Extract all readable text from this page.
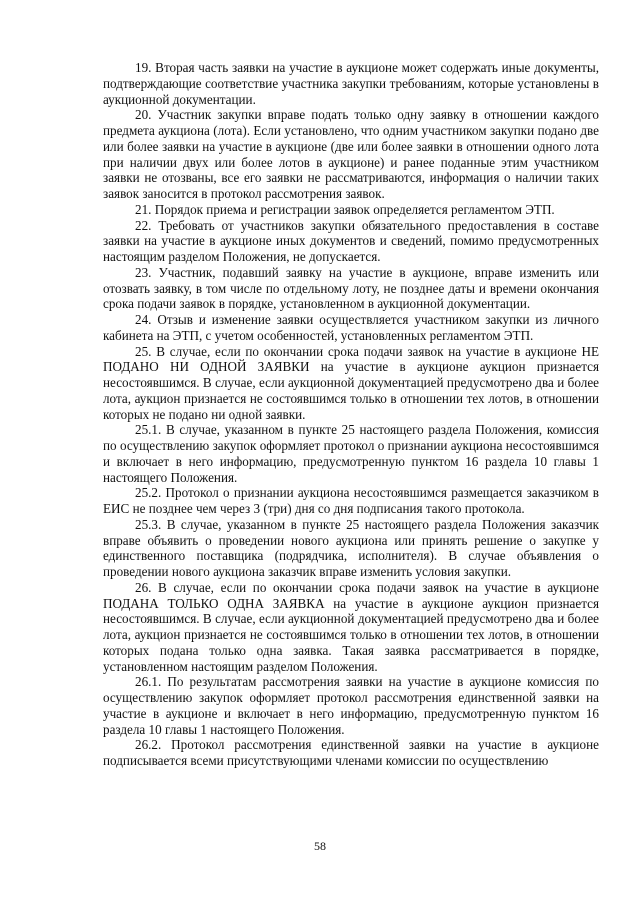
19. Вторая часть заявки на участие в аукционе может содержать иные документы, подтверждающие соответствие участника закупки требованиям, которые установлены в аукционной документации.

20. Участник закупки вправе подать только одну заявку в отношении каждого предмета аукциона (лота). Если установлено, что одним участником закупки подано две или более заявки на участие в аукционе (две или более заявки в отношении одного лота при наличии двух или более лотов в аукционе) и ранее поданные этим участником заявки не отозваны, все его заявки не рассматриваются, информация о наличии таких заявок заносится в протокол рассмотрения заявок.

21. Порядок приема и регистрации заявок определяется регламентом ЭТП.

22. Требовать от участников закупки обязательного предоставления в составе заявки на участие в аукционе иных документов и сведений, помимо предусмотренных настоящим разделом Положения, не допускается.

23. Участник, подавший заявку на участие в аукционе, вправе изменить или отозвать заявку, в том числе по отдельному лоту, не позднее даты и времени окончания срока подачи заявок в порядке, установленном в аукционной документации.

24. Отзыв и изменение заявки осуществляется участником закупки из личного кабинета на ЭТП, с учетом особенностей, установленных регламентом ЭТП.

25. В случае, если по окончании срока подачи заявок на участие в аукционе НЕ ПОДАНО НИ ОДНОЙ ЗАЯВКИ на участие в аукционе аукцион признается несостоявшимся. В случае, если аукционной документацией предусмотрено два и более лота, аукцион признается не состоявшимся только в отношении тех лотов, в отношении которых не подано ни одной заявки.

25.1. В случае, указанном в пункте 25 настоящего раздела Положения, комиссия по осуществлению закупок оформляет протокол о признании аукциона несостоявшимся и включает в него информацию, предусмотренную пунктом 16 раздела 10 главы 1 настоящего Положения.

25.2. Протокол о признании аукциона несостоявшимся размещается заказчиком в ЕИС не позднее чем через 3 (три) дня со дня подписания такого протокола.

25.3. В случае, указанном в пункте 25 настоящего раздела Положения заказчик вправе объявить о проведении нового аукциона или принять решение о закупке у единственного поставщика (подрядчика, исполнителя). В случае объявления о проведении нового аукциона заказчик вправе изменить условия закупки.

26. В случае, если по окончании срока подачи заявок на участие в аукционе ПОДАНА ТОЛЬКО ОДНА ЗАЯВКА на участие в аукционе аукцион признается несостоявшимся. В случае, если аукционной документацией предусмотрено два и более лота, аукцион признается не состоявшимся только в отношении тех лотов, в отношении которых подана только одна заявка. Такая заявка рассматривается в порядке, установленном настоящим разделом Положения.

26.1. По результатам рассмотрения заявки на участие в аукционе комиссия по осуществлению закупок оформляет протокол рассмотрения единственной заявки на участие в аукционе и включает в него информацию, предусмотренную пунктом 16 раздела 10 главы 1 настоящего Положения.

26.2. Протокол рассмотрения единственной заявки на участие в аукционе подписывается всеми присутствующими членами комиссии по осуществлению

58
